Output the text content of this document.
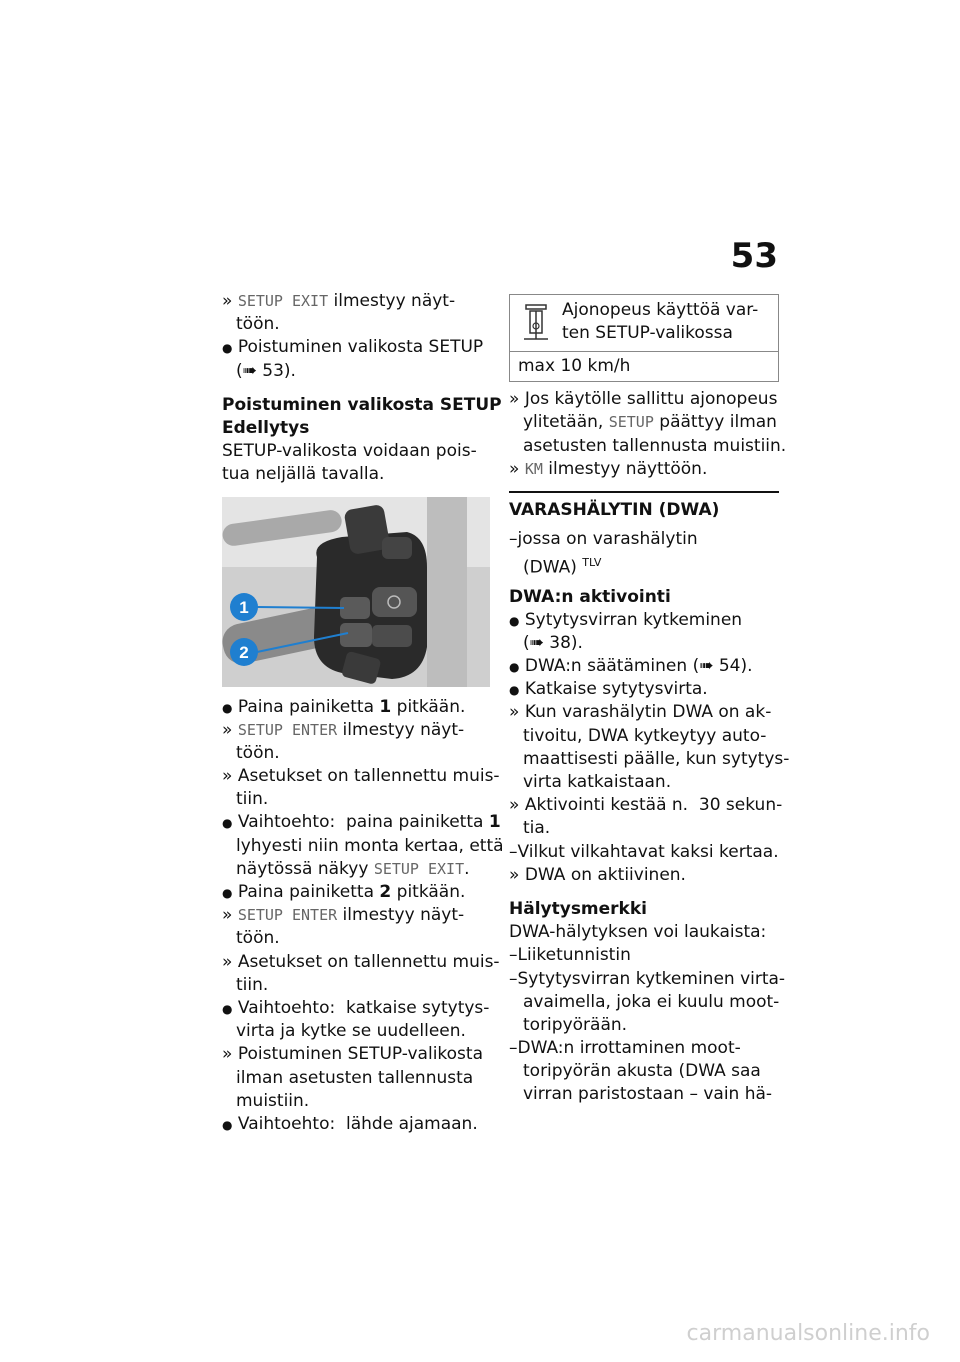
53
» SETUP EXIT ilmestyy näyt-
töön.
● Poistuminen valikosta SETUP
(➠ 53).
Poistuminen valikosta SETUP
Edellytys
SETUP-valikosta voidaan pois-
tua neljällä tavalla.
1
2
● Paina painiketta 1 pitkään.
» SETUP ENTER ilmestyy näyt-
töön.
» Asetukset on tallennettu muis-
tiin.
● Vaihtoehto:  paina painiketta 1
lyhyesti niin monta kertaa, että
näytössä näkyy SETUP EXIT.
● Paina painiketta 2 pitkään.
» SETUP ENTER ilmestyy näyt-
töön.
» Asetukset on tallennettu muis-
tiin.
● Vaihtoehto:  katkaise sytytys-
virta ja kytke se uudelleen.
» Poistuminen SETUP-valikosta
ilman asetusten tallennusta
muistiin.
● Vaihtoehto:  lähde ajamaan.
Ajonopeus käyttöä var-
ten SETUP-valikossa
max 10 km/h
» Jos käytölle sallittu ajonopeus
ylitetään, SETUP päättyy ilman
asetusten tallennusta muistiin.
» KM ilmestyy näyttöön.
VARASHÄLYTIN (DWA)
–jossa on varashälytin
(DWA) $^{TLV}$
DWA:n aktivointi
● Sytytysvirran kytkeminen
(➠ 38).
● DWA:n säätäminen (➠ 54).
● Katkaise sytytysvirta.
» Kun varashälytin DWA on ak-
tivoitu, DWA kytkeytyy auto-
maattisesti päälle, kun sytytys-
virta katkaistaan.
» Aktivointi kestää n.  30 sekun-
tia.
–Vilkut vilkahtavat kaksi kertaa.
» DWA on aktiivinen.
Hälytysmerkki
DWA-hälytyksen voi laukaista:
–Liiketunnistin
–Sytytysvirran kytkeminen virta-
avaimella, joka ei kuulu moot-
toripyörään.
–DWA:n irrottaminen moot-
toripyörän akusta (DWA saa
virran paristostaan – vain hä-
carmanualsonline.info
